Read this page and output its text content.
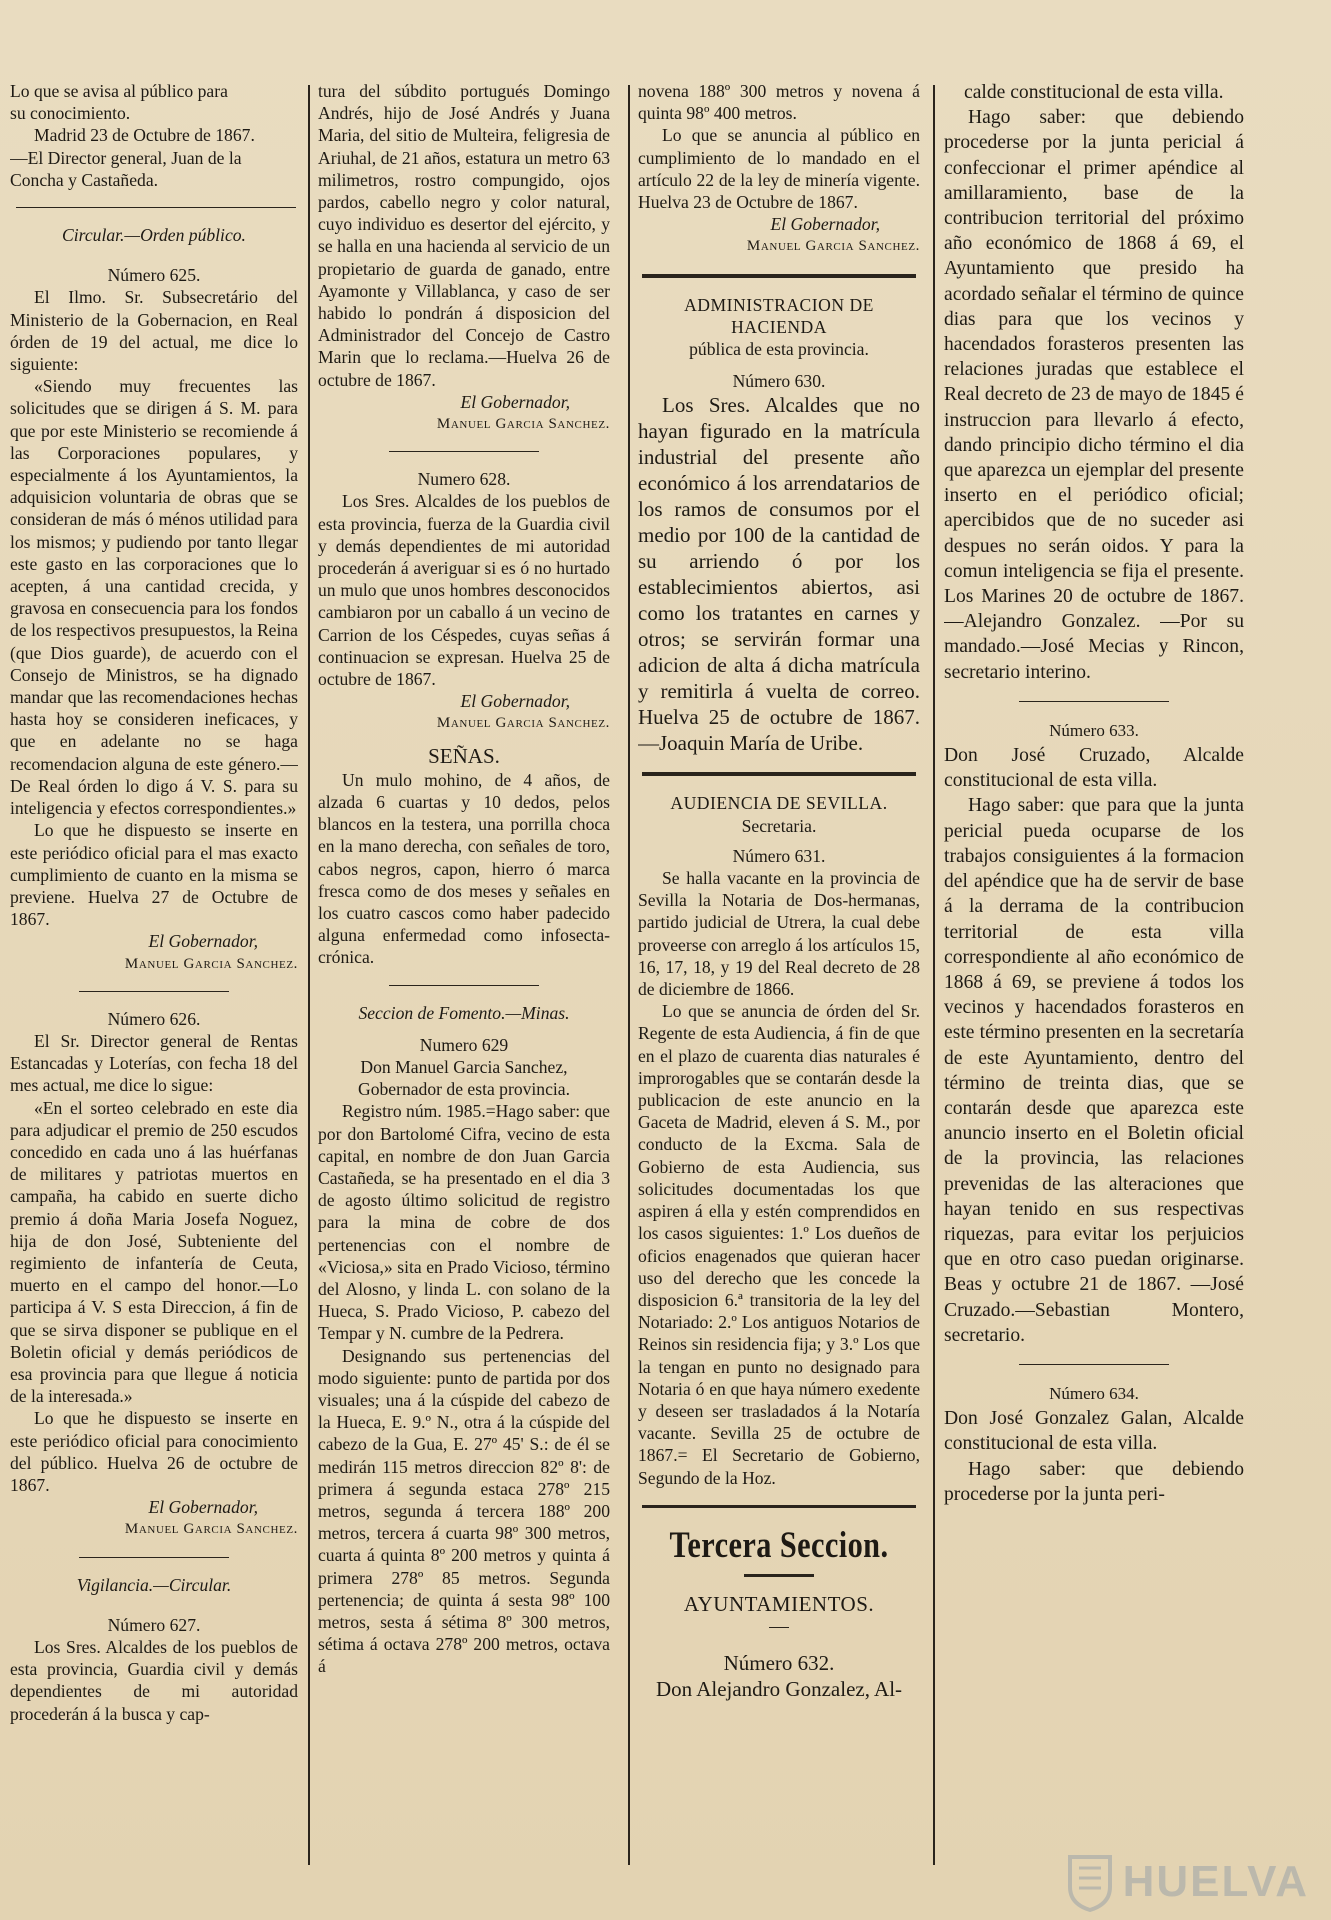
Lo que se avisa al público para

su conocimiento.

Madrid 23 de Octubre de 1867.

—El Director general, Juan de la

Concha y Castañeda.

Circular.—Orden público.

Número 625.

El Ilmo. Sr. Subsecretário del Ministerio de la Gobernacion, en Real órden de 19 del actual, me dice lo siguiente:

«Siendo muy frecuentes las solicitudes que se dirigen á S. M. para que por este Ministerio se recomiende á las Corporaciones populares, y especialmente á los Ayuntamientos, la adquisicion voluntaria de obras que se consideran de más ó ménos utilidad para los mismos; y pudiendo por tanto llegar este gasto en las corporaciones que lo acepten, á una cantidad crecida, y gravosa en consecuencia para los fondos de los respectivos presupuestos, la Reina (que Dios guarde), de acuerdo con el Consejo de Ministros, se ha dignado mandar que las recomendaciones hechas hasta hoy se consideren ineficaces, y que en adelante no se haga recomendacion alguna de este género.—De Real órden lo digo á V. S. para su inteligencia y efectos correspondientes.»

Lo que he dispuesto se inserte en este periódico oficial para el mas exacto cumplimiento de cuanto en la misma se previene. Huelva 27 de Octubre de 1867.

El Gobernador,

Manuel Garcia Sanchez.

Número 626.

El Sr. Director general de Rentas Estancadas y Loterías, con fecha 18 del mes actual, me dice lo sigue:

«En el sorteo celebrado en este dia para adjudicar el premio de 250 escudos concedido en cada uno á las huérfanas de militares y patriotas muertos en campaña, ha cabido en suerte dicho premio á doña Maria Josefa Noguez, hija de don José, Subteniente del regimiento de infantería de Ceuta, muerto en el campo del honor.—Lo participa á V. S esta Direccion, á fin de que se sirva disponer se publique en el Boletin oficial y demás periódicos de esa provincia para que llegue á noticia de la interesada.»

Lo que he dispuesto se inserte en este periódico oficial para conocimiento del público. Huelva 26 de octubre de 1867.

El Gobernador,

Manuel Garcia Sanchez.

Vigilancia.—Circular.

Número 627.

Los Sres. Alcaldes de los pueblos de esta provincia, Guardia civil y demás dependientes de mi autoridad procederán á la busca y cap-

tura del súbdito portugués Domingo Andrés, hijo de José Andrés y Juana Maria, del sitio de Multeira, feligresia de Ariuhal, de 21 años, estatura un metro 63 milimetros, rostro compungido, ojos pardos, cabello negro y color natural, cuyo individuo es desertor del ejército, y se halla en una hacienda al servicio de un propietario de guarda de ganado, entre Ayamonte y Villablanca, y caso de ser habido lo pondrán á disposicion del Administrador del Concejo de Castro Marin que lo reclama.—Huelva 26 de octubre de 1867.

El Gobernador,

Manuel Garcia Sanchez.

Numero 628.

Los Sres. Alcaldes de los pueblos de esta provincia, fuerza de la Guardia civil y demás dependientes de mi autoridad procederán á averiguar si es ó no hurtado un mulo que unos hombres desconocidos cambiaron por un caballo á un vecino de Carrion de los Céspedes, cuyas señas á continuacion se expresan. Huelva 25 de octubre de 1867.

El Gobernador,

Manuel Garcia Sanchez.

SEÑAS.

Un mulo mohino, de 4 años, de alzada 6 cuartas y 10 dedos, pelos blancos en la testera, una porrilla choca en la mano derecha, con señales de toro, cabos negros, capon, hierro ó marca fresca como de dos meses y señales en los cuatro cascos como haber padecido alguna enfermedad como infosecta-crónica.

Seccion de Fomento.—Minas.

Numero 629

Don Manuel Garcia Sanchez, Gobernador de esta provincia.

Registro núm. 1985.=Hago saber: que por don Bartolomé Cifra, vecino de esta capital, en nombre de don Juan Garcia Castañeda, se ha presentado en el dia 3 de agosto último solicitud de registro para la mina de cobre de dos pertenencias con el nombre de «Viciosa,» sita en Prado Vicioso, término del Alosno, y linda L. con solano de la Hueca, S. Prado Vicioso, P. cabezo del Tempar y N. cumbre de la Pedrera.

Designando sus pertenencias del modo siguiente: punto de partida por dos visuales; una á la cúspide del cabezo de la Hueca, E. 9.º N., otra á la cúspide del cabezo de la Gua, E. 27º 45' S.: de él se medirán 115 metros direccion 82º 8': de primera á segunda estaca 278º 215 metros, segunda á tercera 188º 200 metros, tercera á cuarta 98º 300 metros, cuarta á quinta 8º 200 metros y quinta á primera 278º 85 metros. Segunda pertenencia; de quinta á sesta 98º 100 metros, sesta á sétima 8º 300 metros, sétima á octava 278º 200 metros, octava á

novena 188º 300 metros y novena á quinta 98º 400 metros.

Lo que se anuncia al público en cumplimiento de lo mandado en el artículo 22 de la ley de minería vigente. Huelva 23 de Octubre de 1867.

El Gobernador,

Manuel Garcia Sanchez.

ADMINISTRACION DE HACIENDA

pública de esta provincia.

Número 630.

Los Sres. Alcaldes que no hayan figurado en la matrícula industrial del presente año económico á los arrendatarios de los ramos de consumos por el medio por 100 de la cantidad de su arriendo ó por los establecimientos abiertos, asi como los tratantes en carnes y otros; se servirán formar una adicion de alta á dicha matrícula y remitirla á vuelta de correo. Huelva 25 de octubre de 1867. —Joaquin María de Uribe.

AUDIENCIA DE SEVILLA.

Secretaria.

Número 631.

Se halla vacante en la provincia de Sevilla la Notaria de Dos-hermanas, partido judicial de Utrera, la cual debe proveerse con arreglo á los artículos 15, 16, 17, 18, y 19 del Real decreto de 28 de diciembre de 1866.

Lo que se anuncia de órden del Sr. Regente de esta Audiencia, á fin de que en el plazo de cuarenta dias naturales é improrogables que se contarán desde la publicacion de este anuncio en la Gaceta de Madrid, eleven á S. M., por conducto de la Excma. Sala de Gobierno de esta Audiencia, sus solicitudes documentadas los que aspiren á ella y estén comprendidos en los casos siguientes: 1.º Los dueños de oficios enagenados que quieran hacer uso del derecho que les concede la disposicion 6.ª transitoria de la ley del Notariado: 2.º Los antiguos Notarios de Reinos sin residencia fija; y 3.º Los que la tengan en punto no designado para Notaria ó en que haya número exedente y deseen ser trasladados á la Notaría vacante. Sevilla 25 de octubre de 1867.= El Secretario de Gobierno, Segundo de la Hoz.

Tercera Seccion.

AYUNTAMIENTOS.

Número 632.

Don Alejandro Gonzalez, Al-

calde constitucional de esta villa.

Hago saber: que debiendo procederse por la junta pericial á confeccionar el primer apéndice al amillaramiento, base de la contribucion territorial del próximo año económico de 1868 á 69, el Ayuntamiento que presido ha acordado señalar el término de quince dias para que los vecinos y hacendados forasteros presenten las relaciones juradas que establece el Real decreto de 23 de mayo de 1845 é instruccion para llevarlo á efecto, dando principio dicho término el dia que aparezca un ejemplar del presente inserto en el periódico oficial; apercibidos que de no suceder asi despues no serán oidos. Y para la comun inteligencia se fija el presente. Los Marines 20 de octubre de 1867.—Alejandro Gonzalez. —Por su mandado.—José Mecias y Rincon, secretario interino.

Número 633.

Don José Cruzado, Alcalde constitucional de esta villa.

Hago saber: que para que la junta pericial pueda ocuparse de los trabajos consiguientes á la formacion del apéndice que ha de servir de base á la derrama de la contribucion territorial de esta villa correspondiente al año económico de 1868 á 69, se previene á todos los vecinos y hacendados forasteros en este término presenten en la secretaría de este Ayuntamiento, dentro del término de treinta dias, que se contarán desde que aparezca este anuncio inserto en el Boletin oficial de la provincia, las relaciones prevenidas de las alteraciones que hayan tenido en sus respectivas riquezas, para evitar los perjuicios que en otro caso puedan originarse. Beas y octubre 21 de 1867. —José Cruzado.—Sebastian Montero, secretario.

Número 634.

Don José Gonzalez Galan, Alcalde constitucional de esta villa.

Hago saber: que debiendo procederse por la junta peri-

HUELVA
